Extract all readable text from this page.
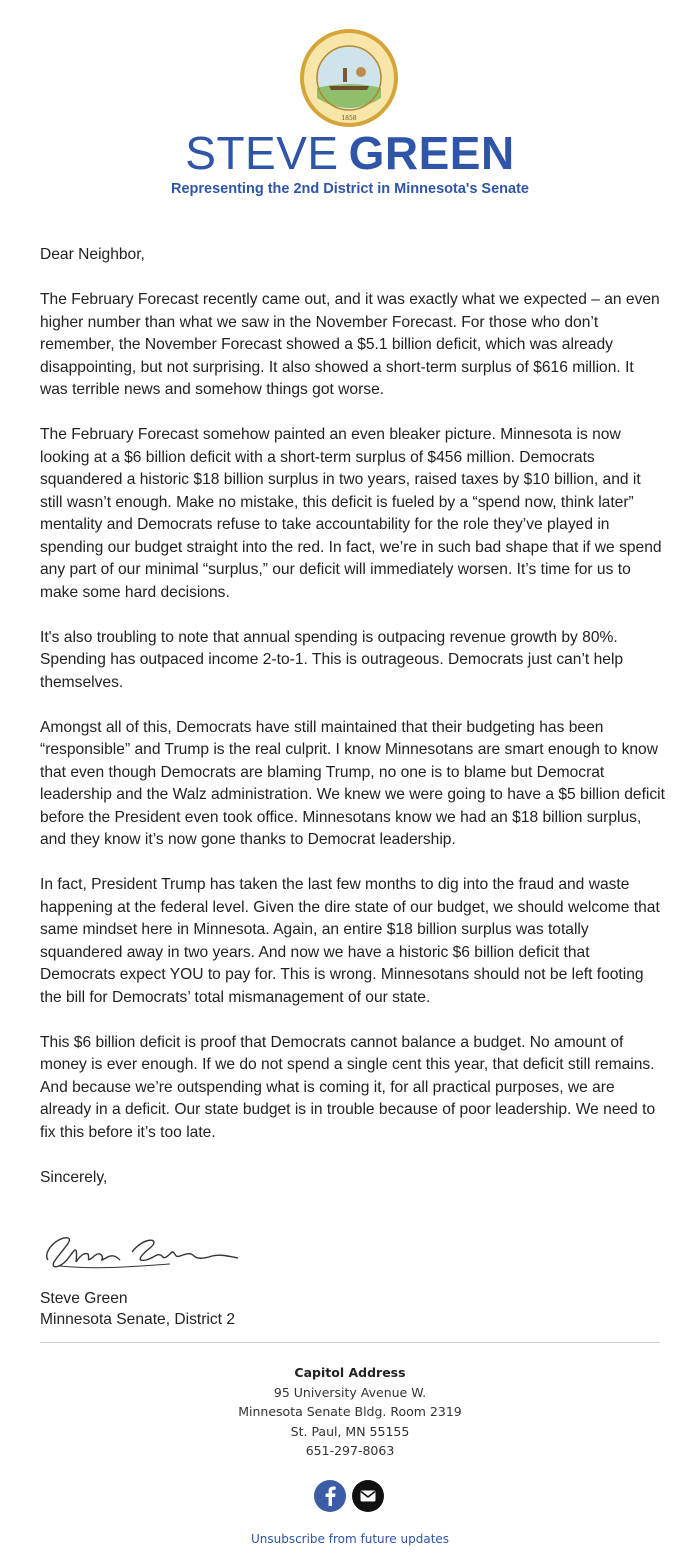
1858
STEVE GREEN
Representing the 2nd District in Minnesota's Senate

Dear Neighbor,

The February Forecast recently came out, and it was exactly what we expected – an even higher number than what we saw in the November Forecast. For those who don’t remember, the November Forecast showed a $5.1 billion deficit, which was already disappointing, but not surprising. It also showed a short-term surplus of $616 million. It was terrible news and somehow things got worse.

The February Forecast somehow painted an even bleaker picture. Minnesota is now looking at a $6 billion deficit with a short-term surplus of $456 million. Democrats squandered a historic $18 billion surplus in two years, raised taxes by $10 billion, and it still wasn’t enough. Make no mistake, this deficit is fueled by a “spend now, think later” mentality and Democrats refuse to take accountability for the role they’ve played in spending our budget straight into the red. In fact, we’re in such bad shape that if we spend any part of our minimal “surplus,” our deficit will immediately worsen. It’s time for us to make some hard decisions.

It's also troubling to note that annual spending is outpacing revenue growth by 80%. Spending has outpaced income 2-to-1. This is outrageous. Democrats just can’t help themselves.

Amongst all of this, Democrats have still maintained that their budgeting has been “responsible” and Trump is the real culprit. I know Minnesotans are smart enough to know that even though Democrats are blaming Trump, no one is to blame but Democrat leadership and the Walz administration. We knew we were going to have a $5 billion deficit before the President even took office. Minnesotans know we had an $18 billion surplus, and they know it’s now gone thanks to Democrat leadership.

In fact, President Trump has taken the last few months to dig into the fraud and waste happening at the federal level. Given the dire state of our budget, we should welcome that same mindset here in Minnesota. Again, an entire $18 billion surplus was totally squandered away in two years. And now we have a historic $6 billion deficit that Democrats expect YOU to pay for. This is wrong. Minnesotans should not be left footing the bill for Democrats’ total mismanagement of our state.

This $6 billion deficit is proof that Democrats cannot balance a budget. No amount of money is ever enough. If we do not spend a single cent this year, that deficit still remains. And because we’re outspending what is coming it, for all practical purposes, we are already in a deficit. Our state budget is in trouble because of poor leadership. We need to fix this before it’s too late.

Sincerely,

Steve Green
Minnesota Senate, District 2
Capitol Address
95 University Avenue W.
Minnesota Senate Bldg. Room 2319
St. Paul, MN 55155
651-297-8063
Unsubscribe from future updates
